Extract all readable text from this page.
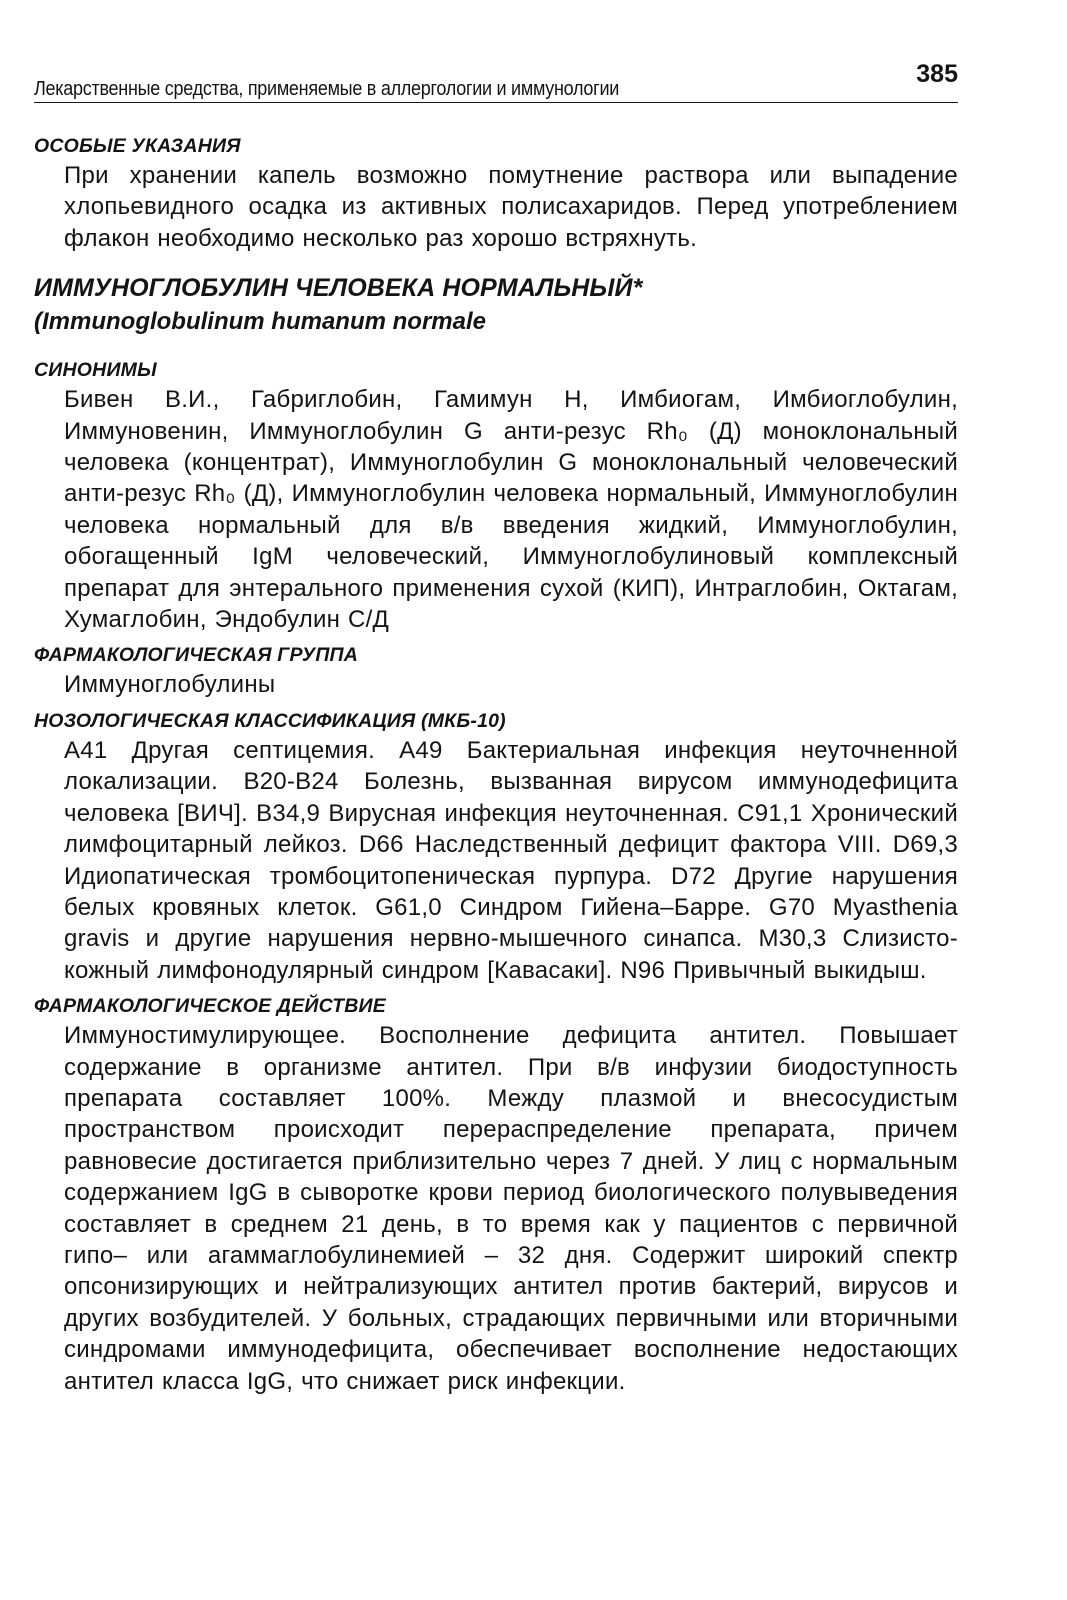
Лекарственные средства, применяемые в аллергологии и иммунологии
385
ОСОБЫЕ УКАЗАНИЯ

При хранении капель возможно помутнение раствора или выпадение хлопьевидного осадка из активных полисахаридов. Перед употреблением флакон необходимо несколько раз хорошо встряхнуть.

ИММУНОГЛОБУЛИН ЧЕЛОВЕКА НОРМАЛЬНЫЙ*
(Immunoglobulinum humanum normale
СИНОНИМЫ

Бивен В.И., Габриглобин, Гамимун Н, Имбиогам, Имбиоглобулин, Иммуновенин, Иммуноглобулин G анти-резус Rh₀ (Д) моноклональный человека (концентрат), Иммуноглобулин G моноклональный человеческий анти-резус Rh₀ (Д), Иммуноглобулин человека нормальный, Иммуноглобулин человека нормальный для в/в введения жидкий, Иммуноглобулин, обогащенный IgM человеческий, Иммуноглобулиновый комплексный препарат для энтерального применения сухой (КИП), Интраглобин, Октагам, Хумаглобин, Эндобулин С/Д

ФАРМАКОЛОГИЧЕСКАЯ ГРУППА

Иммуноглобулины

НОЗОЛОГИЧЕСКАЯ КЛАССИФИКАЦИЯ (МКБ-10)

A41 Другая септицемия. A49 Бактериальная инфекция неуточненной локализации. B20-B24 Болезнь, вызванная вирусом иммунодефицита человека [ВИЧ]. B34,9 Вирусная инфекция неуточненная. C91,1 Хронический лимфоцитарный лейкоз. D66 Наследственный дефицит фактора VIII. D69,3 Идиопатическая тромбоцитопеническая пурпура. D72 Другие нарушения белых кровяных клеток. G61,0 Синдром Гийена–Барре. G70 Myasthenia gravis и другие нарушения нервно-мышечного синапса. M30,3 Слизисто-кожный лимфонодулярный синдром [Кавасаки]. N96 Привычный выкидыш.

ФАРМАКОЛОГИЧЕСКОЕ ДЕЙСТВИЕ

Иммуностимулирующее. Восполнение дефицита антител. Повышает содержание в организме антител. При в/в инфузии биодоступность препарата составляет 100%. Между плазмой и внесосудистым пространством происходит перераспределение препарата, причем равновесие достигается приблизительно через 7 дней. У лиц с нормальным содержанием IgG в сыворотке крови период биологического полувыведения составляет в среднем 21 день, в то время как у пациентов с первичной гипо– или агаммаглобулинемией – 32 дня. Содержит широкий спектр опсонизирующих и нейтрализующих антител против бактерий, вирусов и других возбудителей. У больных, страдающих первичными или вторичными синдромами иммунодефицита, обеспечивает восполнение недостающих антител класса IgG, что снижает риск инфекции.
